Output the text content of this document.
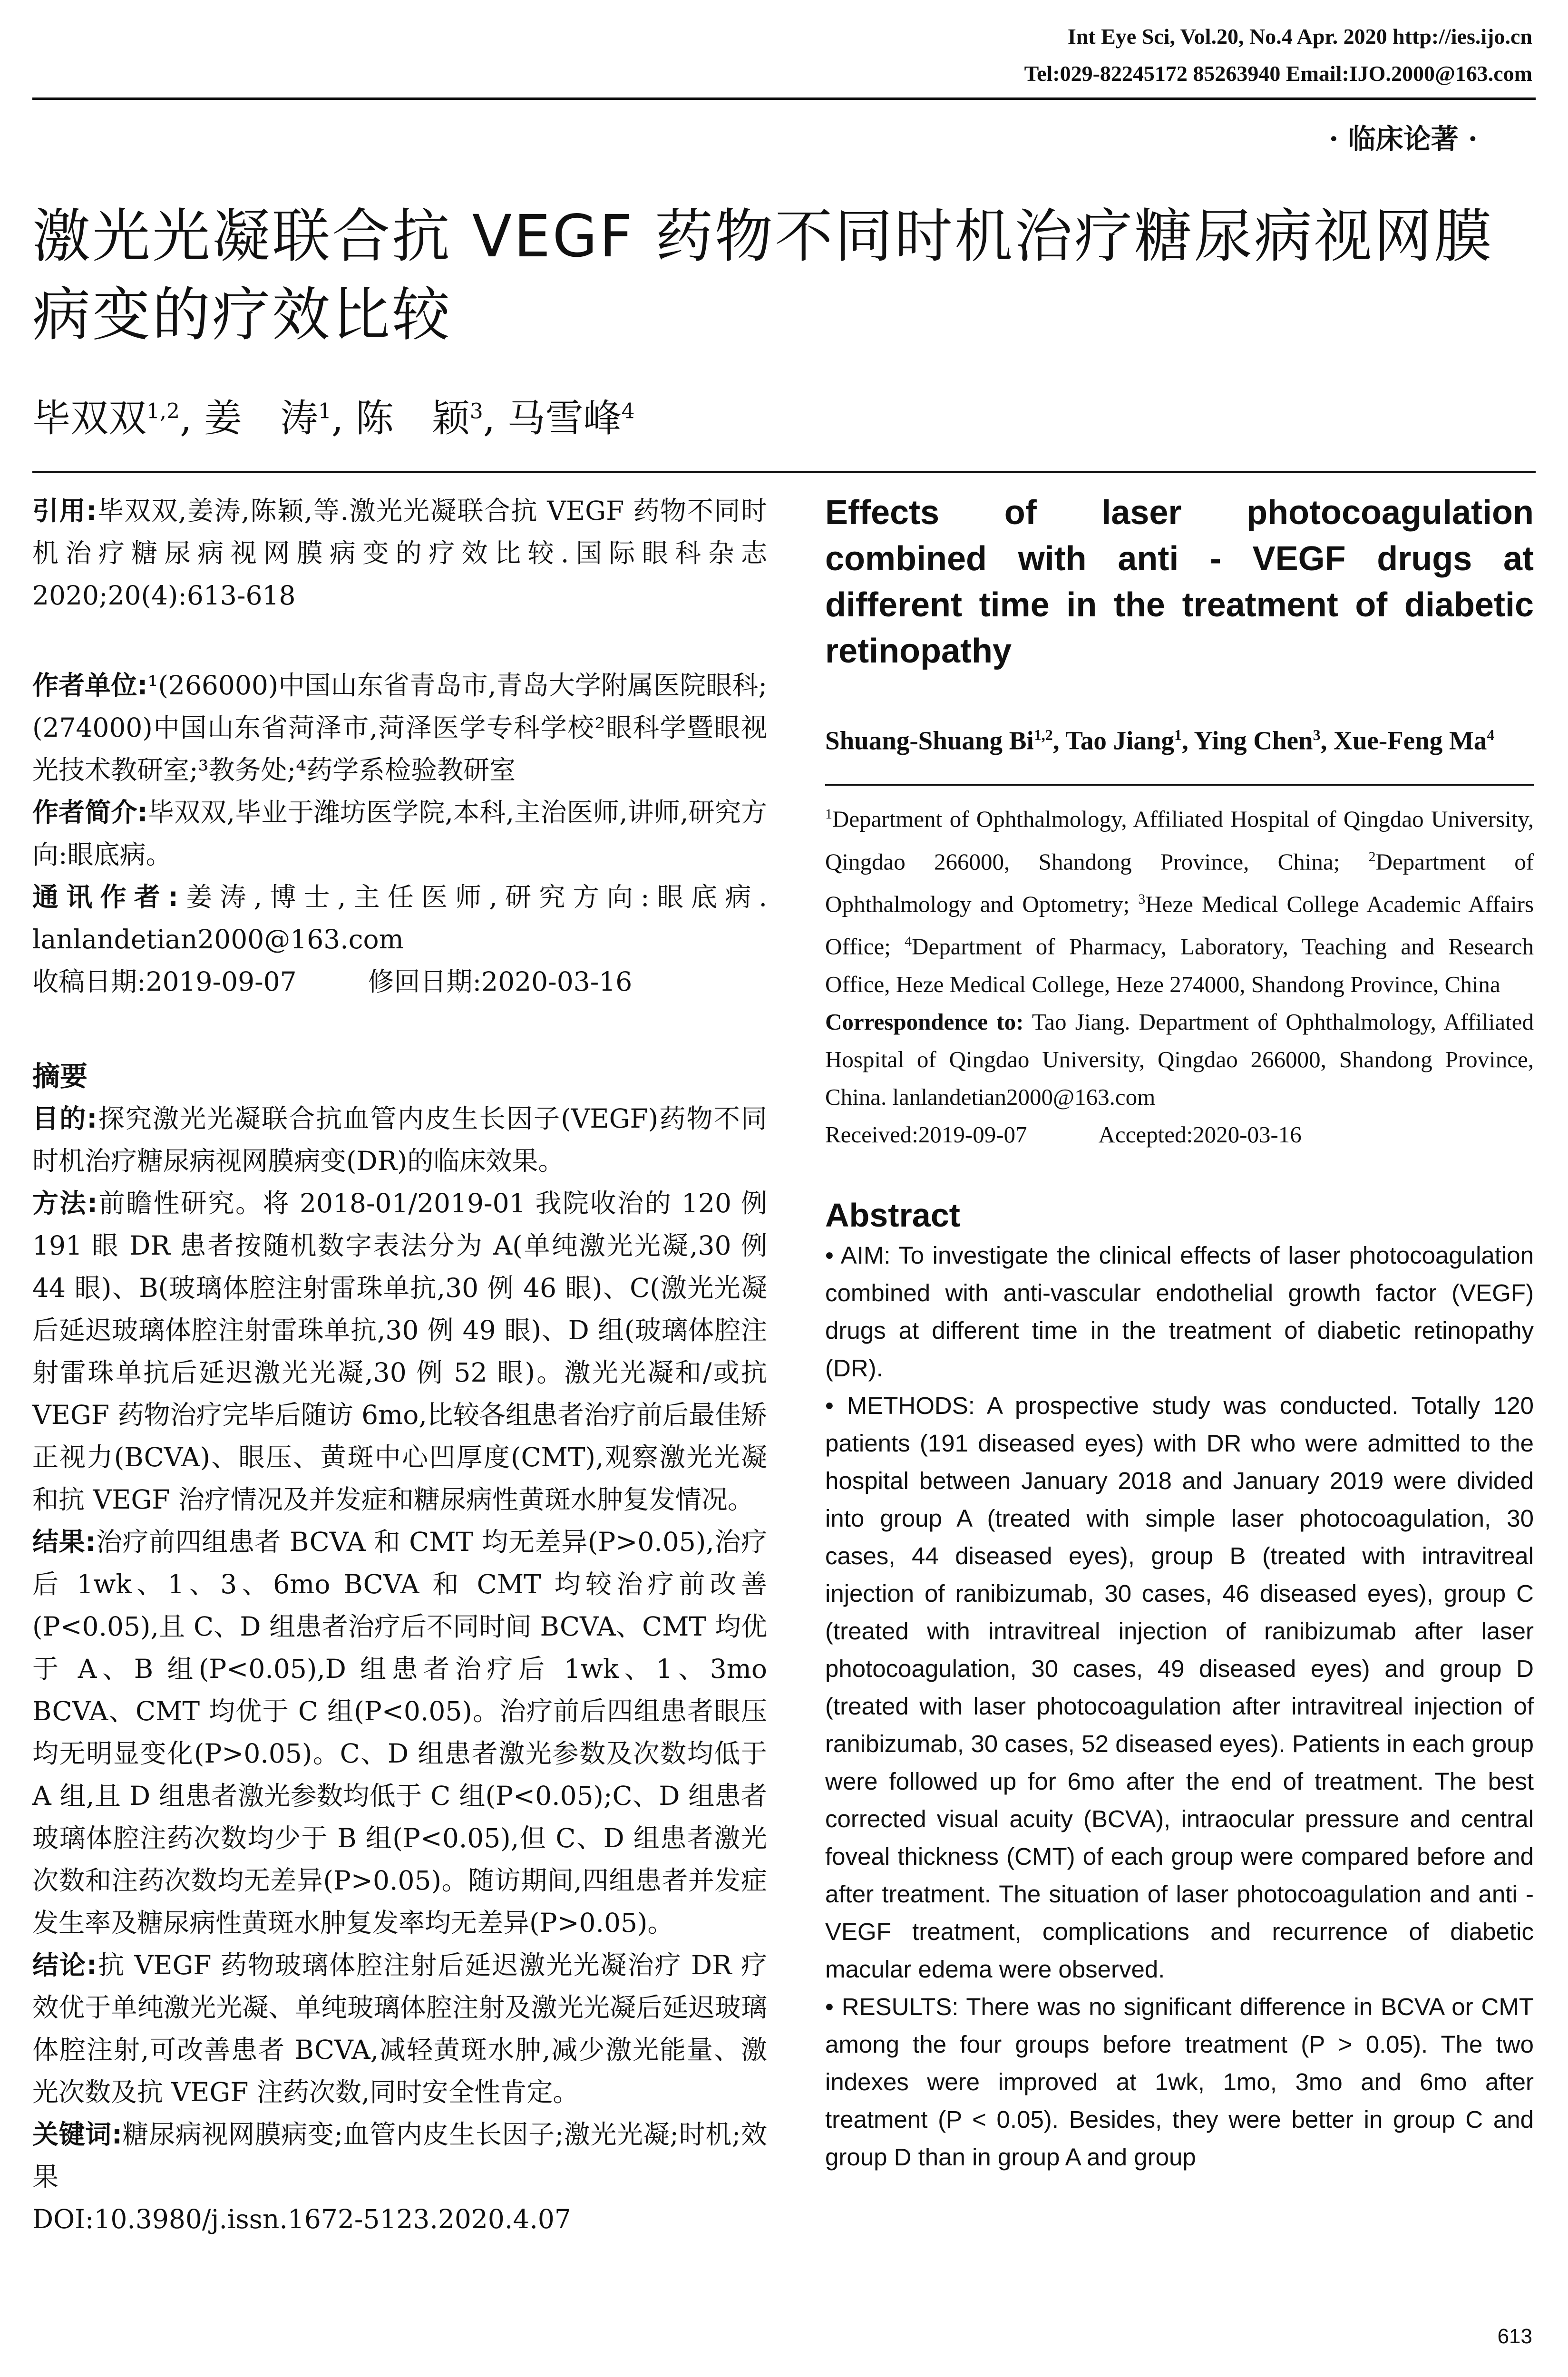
Int Eye Sci, Vol.20, No.4 Apr. 2020 http://ies.ijo.cn
Tel:029-82245172 85263940 Email:IJO.2000@163.com
· 临床论著 ·
激光光凝联合抗 VEGF 药物不同时机治疗糖尿病视网膜病变的疗效比较
毕双双$^{1,2}$, 姜　涛$^1$, 陈　颖$^3$, 马雪峰$^4$
引用:毕双双,姜涛,陈颖,等.激光光凝联合抗 VEGF 药物不同时机治疗糖尿病视网膜病变的疗效比较.国际眼科杂志 2020;20(4):613-618
作者单位:¹(266000)中国山东省青岛市,青岛大学附属医院眼科;(274000)中国山东省菏泽市,菏泽医学专科学校²眼科学暨眼视光技术教研室;³教务处;⁴药学系检验教研室
作者简介:毕双双,毕业于潍坊医学院,本科,主治医师,讲师,研究方向:眼底病。
通讯作者:姜涛,博士,主任医师,研究方向:眼底病. lanlandetian2000@163.com
收稿日期:2019-09-07	修回日期:2020-03-16
摘要
目的:探究激光光凝联合抗血管内皮生长因子(VEGF)药物不同时机治疗糖尿病视网膜病变(DR)的临床效果。
方法:前瞻性研究。将 2018-01/2019-01 我院收治的 120 例 191 眼 DR 患者按随机数字表法分为 A(单纯激光光凝,30 例 44 眼)、B(玻璃体腔注射雷珠单抗,30 例 46 眼)、C(激光光凝后延迟玻璃体腔注射雷珠单抗,30 例 49 眼)、D 组(玻璃体腔注射雷珠单抗后延迟激光光凝,30 例 52 眼)。激光光凝和/或抗 VEGF 药物治疗完毕后随访 6mo,比较各组患者治疗前后最佳矫正视力(BCVA)、眼压、黄斑中心凹厚度(CMT),观察激光光凝和抗 VEGF 治疗情况及并发症和糖尿病性黄斑水肿复发情况。
结果:治疗前四组患者 BCVA 和 CMT 均无差异(P>0.05),治疗后 1wk、1、3、6mo BCVA 和 CMT 均较治疗前改善(P<0.05),且 C、D 组患者治疗后不同时间 BCVA、CMT 均优于 A、B 组(P<0.05),D 组患者治疗后 1wk、1、3mo BCVA、CMT 均优于 C 组(P<0.05)。治疗前后四组患者眼压均无明显变化(P>0.05)。C、D 组患者激光参数及次数均低于 A 组,且 D 组患者激光参数均低于 C 组(P<0.05);C、D 组患者玻璃体腔注药次数均少于 B 组(P<0.05),但 C、D 组患者激光次数和注药次数均无差异(P>0.05)。随访期间,四组患者并发症发生率及糖尿病性黄斑水肿复发率均无差异(P>0.05)。
结论:抗 VEGF 药物玻璃体腔注射后延迟激光光凝治疗 DR 疗效优于单纯激光光凝、单纯玻璃体腔注射及激光光凝后延迟玻璃体腔注射,可改善患者 BCVA,减轻黄斑水肿,减少激光能量、激光次数及抗 VEGF 注药次数,同时安全性肯定。
关键词:糖尿病视网膜病变;血管内皮生长因子;激光光凝;时机;效果
DOI:10.3980/j.issn.1672-5123.2020.4.07
Effects of laser photocoagulation combined with anti - VEGF drugs at different time in the treatment of diabetic retinopathy
Shuang-Shuang Bi$^{1,2}$, Tao Jiang$^1$, Ying Chen$^3$, Xue-Feng Ma$^4$
$^1$Department of Ophthalmology, Affiliated Hospital of Qingdao University, Qingdao 266000, Shandong Province, China; $^2$Department of Ophthalmology and Optometry; $^3$Heze Medical College Academic Affairs Office; $^4$Department of Pharmacy, Laboratory, Teaching and Research Office, Heze Medical College, Heze 274000, Shandong Province, China
Correspondence to: Tao Jiang. Department of Ophthalmology, Affiliated Hospital of Qingdao University, Qingdao 266000, Shandong Province, China. lanlandetian2000@163.com
Received:2019-09-07	Accepted:2020-03-16
Abstract

• AIM: To investigate the clinical effects of laser photocoagulation combined with anti-vascular endothelial growth factor (VEGF) drugs at different time in the treatment of diabetic retinopathy (DR).

• METHODS: A prospective study was conducted. Totally 120 patients (191 diseased eyes) with DR who were admitted to the hospital between January 2018 and January 2019 were divided into group A (treated with simple laser photocoagulation, 30 cases, 44 diseased eyes), group B (treated with intravitreal injection of ranibizumab, 30 cases, 46 diseased eyes), group C (treated with intravitreal injection of ranibizumab after laser photocoagulation, 30 cases, 49 diseased eyes) and group D (treated with laser photocoagulation after intravitreal injection of ranibizumab, 30 cases, 52 diseased eyes). Patients in each group were followed up for 6mo after the end of treatment. The best corrected visual acuity (BCVA), intraocular pressure and central foveal thickness (CMT) of each group were compared before and after treatment. The situation of laser photocoagulation and anti - VEGF treatment, complications and recurrence of diabetic macular edema were observed.

• RESULTS: There was no significant difference in BCVA or CMT among the four groups before treatment (P > 0.05). The two indexes were improved at 1wk, 1mo, 3mo and 6mo after treatment (P < 0.05). Besides, they were better in group C and group D than in group A and group

613
